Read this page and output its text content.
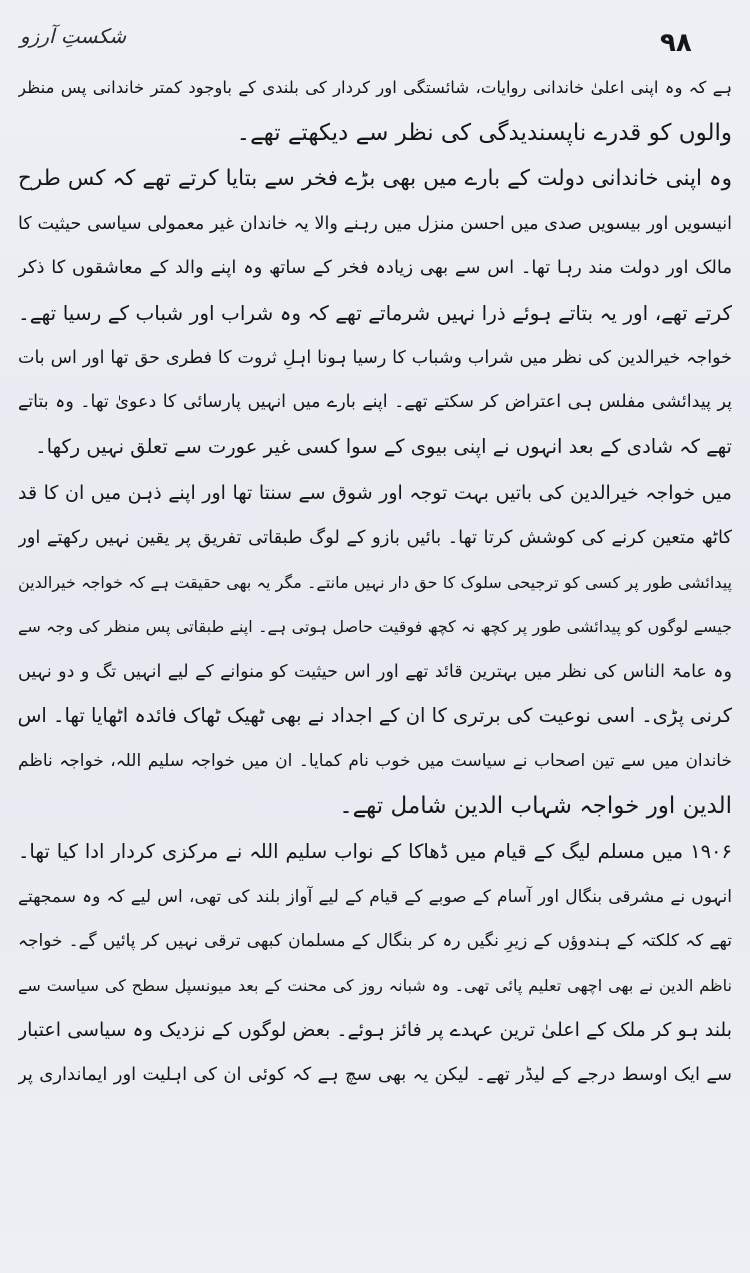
شکستِ آرزو	۹۸
ہے کہ وہ اپنی اعلیٰ خاندانی روایات، شائستگی اور کردار کی بلندی کے باوجود کمتر خاندانی پس منظر
والوں کو قدرے ناپسندیدگی کی نظر سے دیکھتے تھے۔
وہ اپنی خاندانی دولت کے بارے میں بھی بڑے فخر سے بتایا کرتے تھے کہ کس طرح
انیسویں اور بیسویں صدی میں احسن منزل میں رہنے والا یہ خاندان غیر معمولی سیاسی حیثیت کا
مالک اور دولت مند رہا تھا۔ اس سے بھی زیادہ فخر کے ساتھ وہ اپنے والد کے معاشقوں کا ذکر
کرتے تھے، اور یہ بتاتے ہوئے ذرا نہیں شرماتے تھے کہ وہ شراب اور شباب کے رسیا تھے۔
خواجہ خیرالدین کی نظر میں شراب وشباب کا رسیا ہونا اہلِ ثروت کا فطری حق تھا اور اس بات
پر پیدائشی مفلس ہی اعتراض کر سکتے تھے۔ اپنے بارے میں انہیں پارسائی کا دعویٰ تھا۔ وہ بتاتے
تھے کہ شادی کے بعد انہوں نے اپنی بیوی کے سوا کسی غیر عورت سے تعلق نہیں رکھا۔
میں خواجہ خیرالدین کی باتیں بہت توجہ اور شوق سے سنتا تھا اور اپنے ذہن میں ان کا قد
کاٹھ متعین کرنے کی کوشش کرتا تھا۔ بائیں بازو کے لوگ طبقاتی تفریق پر یقین نہیں رکھتے اور
پیدائشی طور پر کسی کو ترجیحی سلوک کا حق دار نہیں مانتے۔ مگر یہ بھی حقیقت ہے کہ خواجہ خیرالدین
جیسے لوگوں کو پیدائشی طور پر کچھ نہ کچھ فوقیت حاصل ہوتی ہے۔ اپنے طبقاتی پس منظر کی وجہ سے
وہ عامۃ الناس کی نظر میں بہترین قائد تھے اور اس حیثیت کو منوانے کے لیے انہیں تگ و دو نہیں
کرنی پڑی۔ اسی نوعیت کی برتری کا ان کے اجداد نے بھی ٹھیک ٹھاک فائدہ اٹھایا تھا۔ اس
خاندان میں سے تین اصحاب نے سیاست میں خوب نام کمایا۔ ان میں خواجہ سلیم اللہ، خواجہ ناظم
الدین اور خواجہ شہاب الدین شامل تھے۔
۱۹۰۶ میں مسلم لیگ کے قیام میں ڈھاکا کے نواب سلیم اللہ نے مرکزی کردار ادا کیا تھا۔
انہوں نے مشرقی بنگال اور آسام کے صوبے کے قیام کے لیے آواز بلند کی تھی، اس لیے کہ وہ سمجھتے
تھے کہ کلکتہ کے ہندوؤں کے زیرِ نگیں رہ کر بنگال کے مسلمان کبھی ترقی نہیں کر پائیں گے۔ خواجہ
ناظم الدین نے بھی اچھی تعلیم پائی تھی۔ وہ شبانہ روز کی محنت کے بعد میونسپل سطح کی سیاست سے
بلند ہو کر ملک کے اعلیٰ ترین عہدے پر فائز ہوئے۔ بعض لوگوں کے نزدیک وہ سیاسی اعتبار
سے ایک اوسط درجے کے لیڈر تھے۔ لیکن یہ بھی سچ ہے کہ کوئی ان کی اہلیت اور ایمانداری پر
